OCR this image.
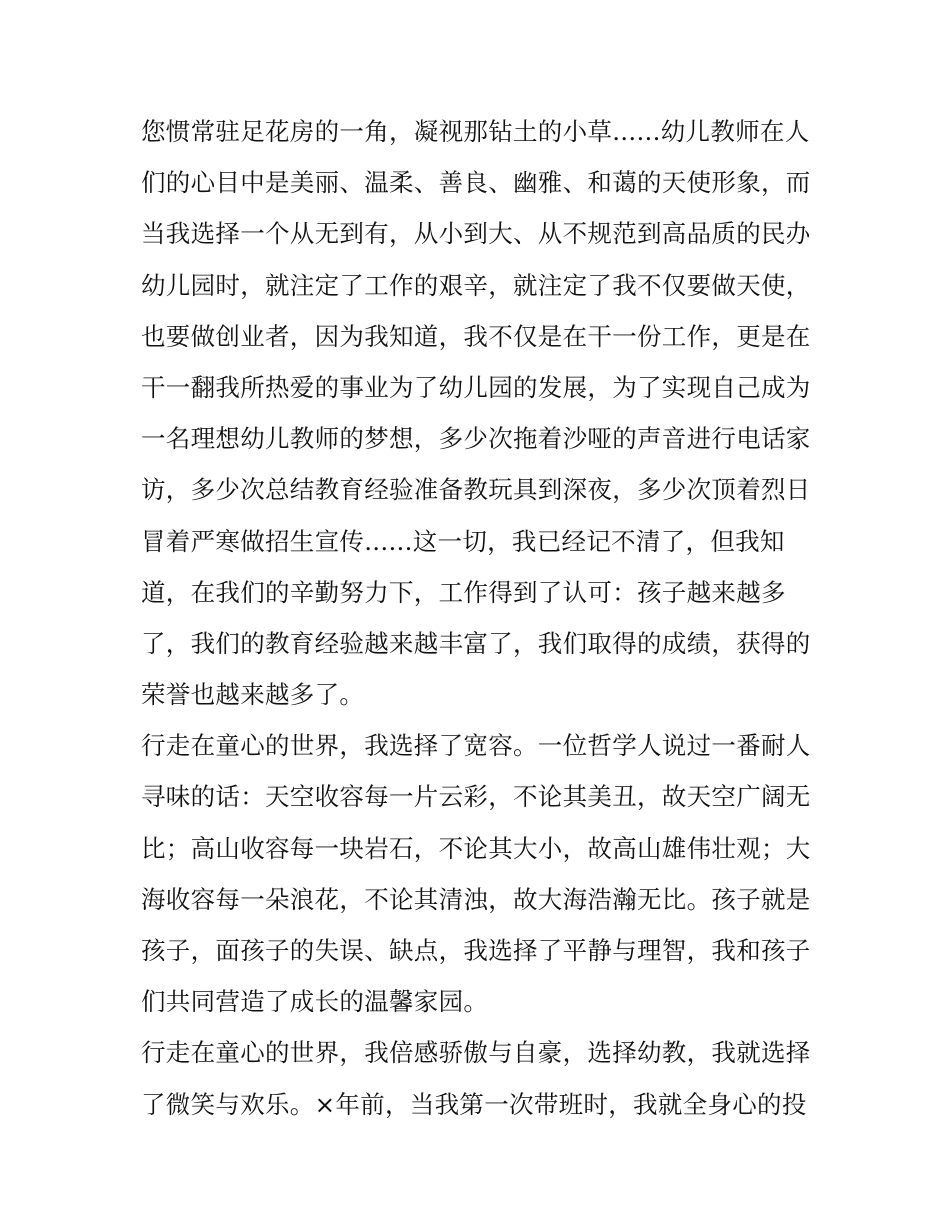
您惯常驻足花房的一角，凝视那钻土的小草......幼儿教师在人
们的心目中是美丽、温柔、善良、幽雅、和蔼的天使形象，而
当我选择一个从无到有，从小到大、从不规范到高品质的民办
幼儿园时，就注定了工作的艰辛，就注定了我不仅要做天使，
也要做创业者，因为我知道，我不仅是在干一份工作，更是在
干一翻我所热爱的事业为了幼儿园的发展，为了实现自己成为
一名理想幼儿教师的梦想，多少次拖着沙哑的声音进行电话家
访，多少次总结教育经验准备教玩具到深夜，多少次顶着烈日
冒着严寒做招生宣传......这一切，我已经记不清了，但我知
道，在我们的辛勤努力下，工作得到了认可：孩子越来越多
了，我们的教育经验越来越丰富了，我们取得的成绩，获得的
荣誉也越来越多了。
行走在童心的世界，我选择了宽容。一位哲学人说过一番耐人
寻味的话：天空收容每一片云彩，不论其美丑，故天空广阔无
比；高山收容每一块岩石，不论其大小，故高山雄伟壮观；大
海收容每一朵浪花，不论其清浊，故大海浩瀚无比。孩子就是
孩子，面孩子的失误、缺点，我选择了平静与理智，我和孩子
们共同营造了成长的温馨家园。
行走在童心的世界，我倍感骄傲与自豪，选择幼教，我就选择
了微笑与欢乐。×年前，当我第一次带班时，我就全身心的投
